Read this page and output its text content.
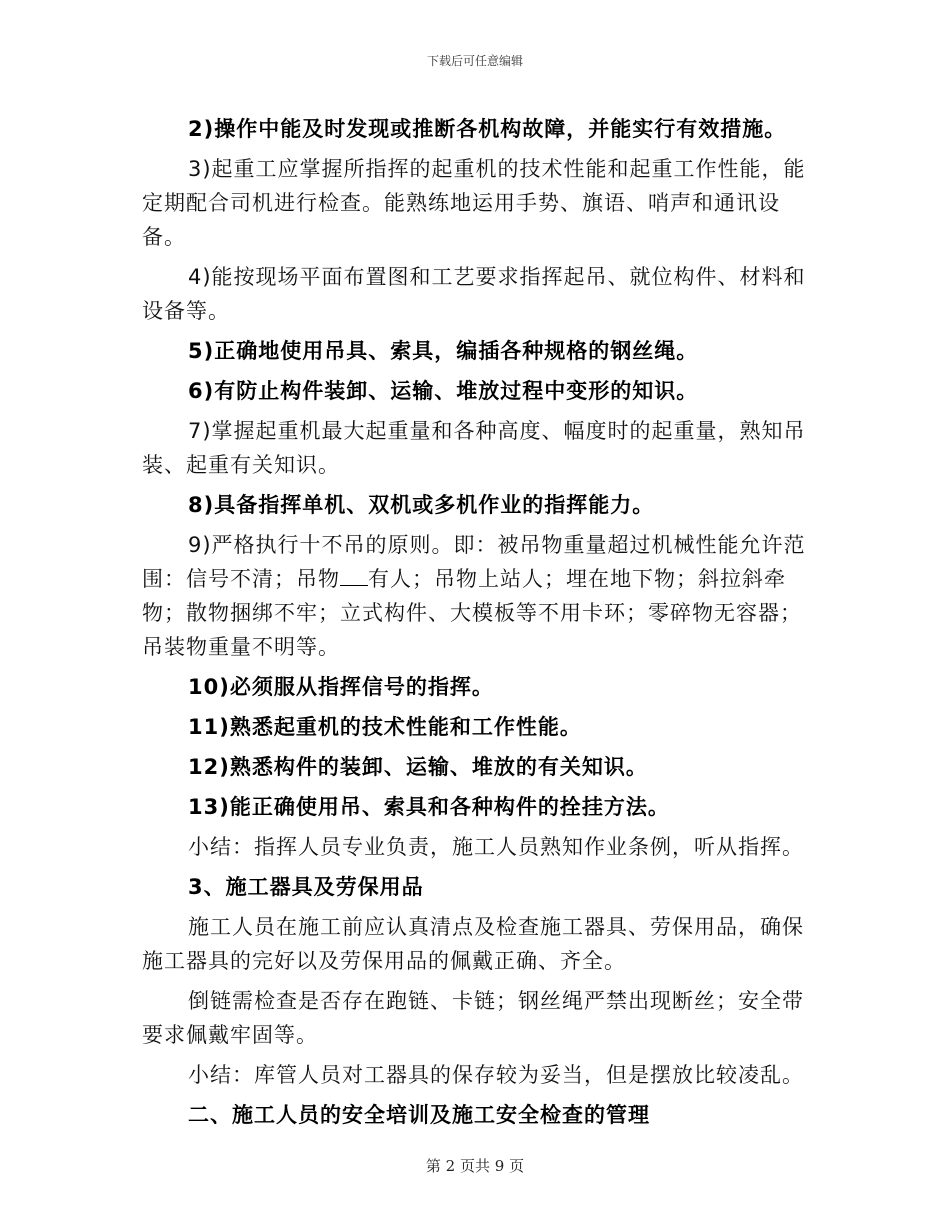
下载后可任意编辑

2)操作中能及时发现或推断各机构故障，并能实行有效措施。

3)起重工应掌握所指挥的起重机的技术性能和起重工作性能，能定期配合司机进行检查。能熟练地运用手势、旗语、哨声和通讯设备。

4)能按现场平面布置图和工艺要求指挥起吊、就位构件、材料和设备等。

5)正确地使用吊具、索具，编插各种规格的钢丝绳。

6)有防止构件装卸、运输、堆放过程中变形的知识。

7)掌握起重机最大起重量和各种高度、幅度时的起重量，熟知吊装、起重有关知识。

8)具备指挥单机、双机或多机作业的指挥能力。

9)严格执行十不吊的原则。即：被吊物重量超过机械性能允许范围：信号不清；吊物 有人；吊物上站人；埋在地下物；斜拉斜牵物；散物捆绑不牢；立式构件、大模板等不用卡环；零碎物无容器；吊装物重量不明等。

10)必须服从指挥信号的指挥。

11)熟悉起重机的技术性能和工作性能。

12)熟悉构件的装卸、运输、堆放的有关知识。

13)能正确使用吊、索具和各种构件的拴挂方法。

小结：指挥人员专业负责，施工人员熟知作业条例，听从指挥。

3、施工器具及劳保用品

施工人员在施工前应认真清点及检查施工器具、劳保用品，确保施工器具的完好以及劳保用品的佩戴正确、齐全。

倒链需检查是否存在跑链、卡链；钢丝绳严禁出现断丝；安全带要求佩戴牢固等。

小结：库管人员对工器具的保存较为妥当，但是摆放比较凌乱。

二、施工人员的安全培训及施工安全检查的管理

第 2 页共 9 页
